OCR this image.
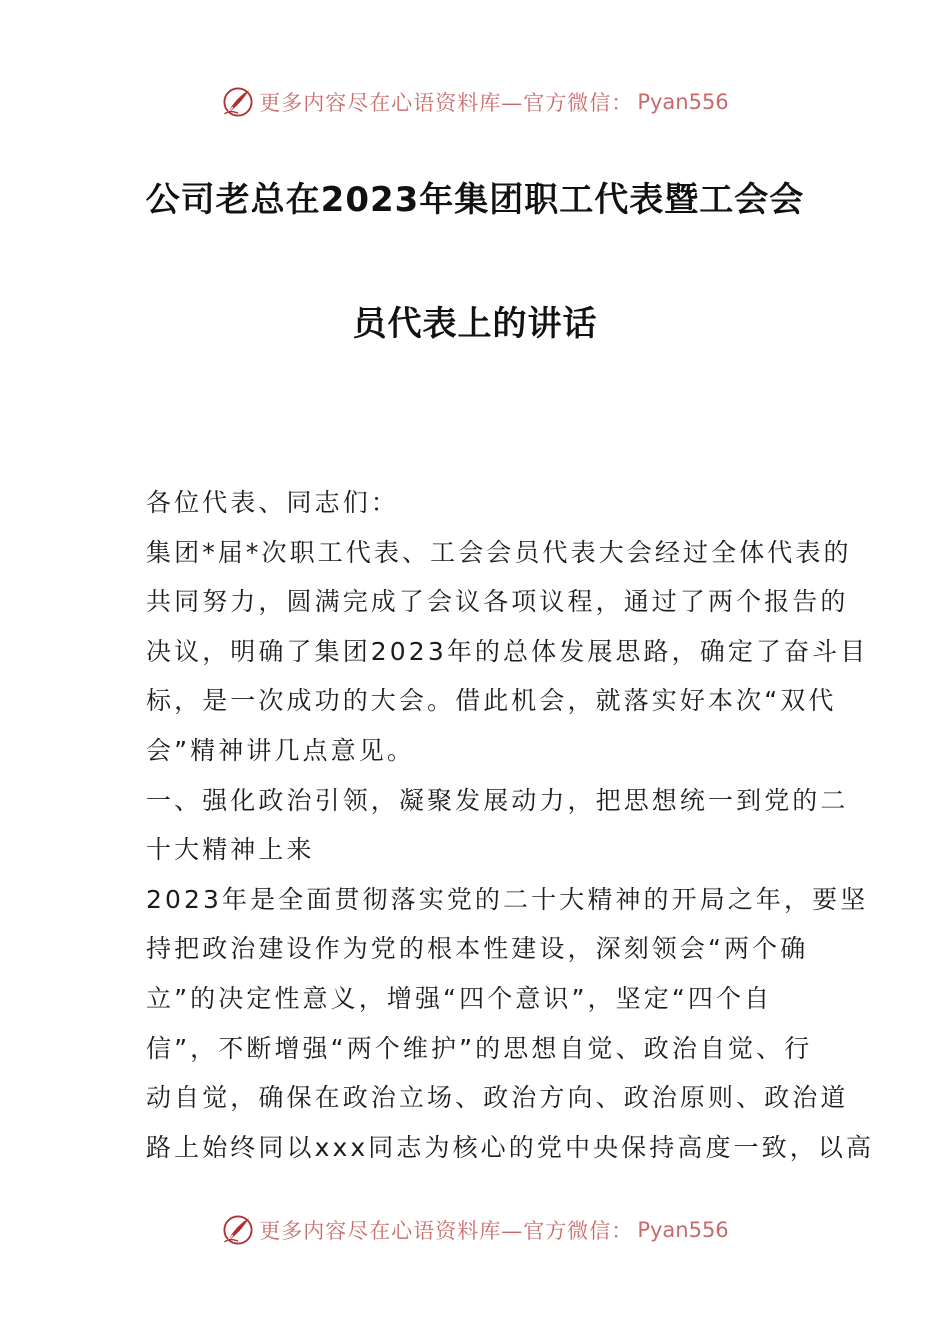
更多内容尽在心语资料库—官方微信： Pyan556
公司老总在2023年集团职工代表暨工会会
员代表上的讲话
各位代表、同志们：
集团*届*次职工代表、工会会员代表大会经过全体代表的
共同努力，圆满完成了会议各项议程，通过了两个报告的
决议，明确了集团2023年的总体发展思路，确定了奋斗目
标，是一次成功的大会。借此机会，就落实好本次“双代
会”精神讲几点意见。
一、强化政治引领，凝聚发展动力，把思想统一到党的二
十大精神上来
2023年是全面贯彻落实党的二十大精神的开局之年，要坚
持把政治建设作为党的根本性建设，深刻领会“两个确
立”的决定性意义，增强“四个意识”，坚定“四个自
信”，不断增强“两个维护”的思想自觉、政治自觉、行
动自觉，确保在政治立场、政治方向、政治原则、政治道
路上始终同以xxx同志为核心的党中央保持高度一致，以高
更多内容尽在心语资料库—官方微信： Pyan556
